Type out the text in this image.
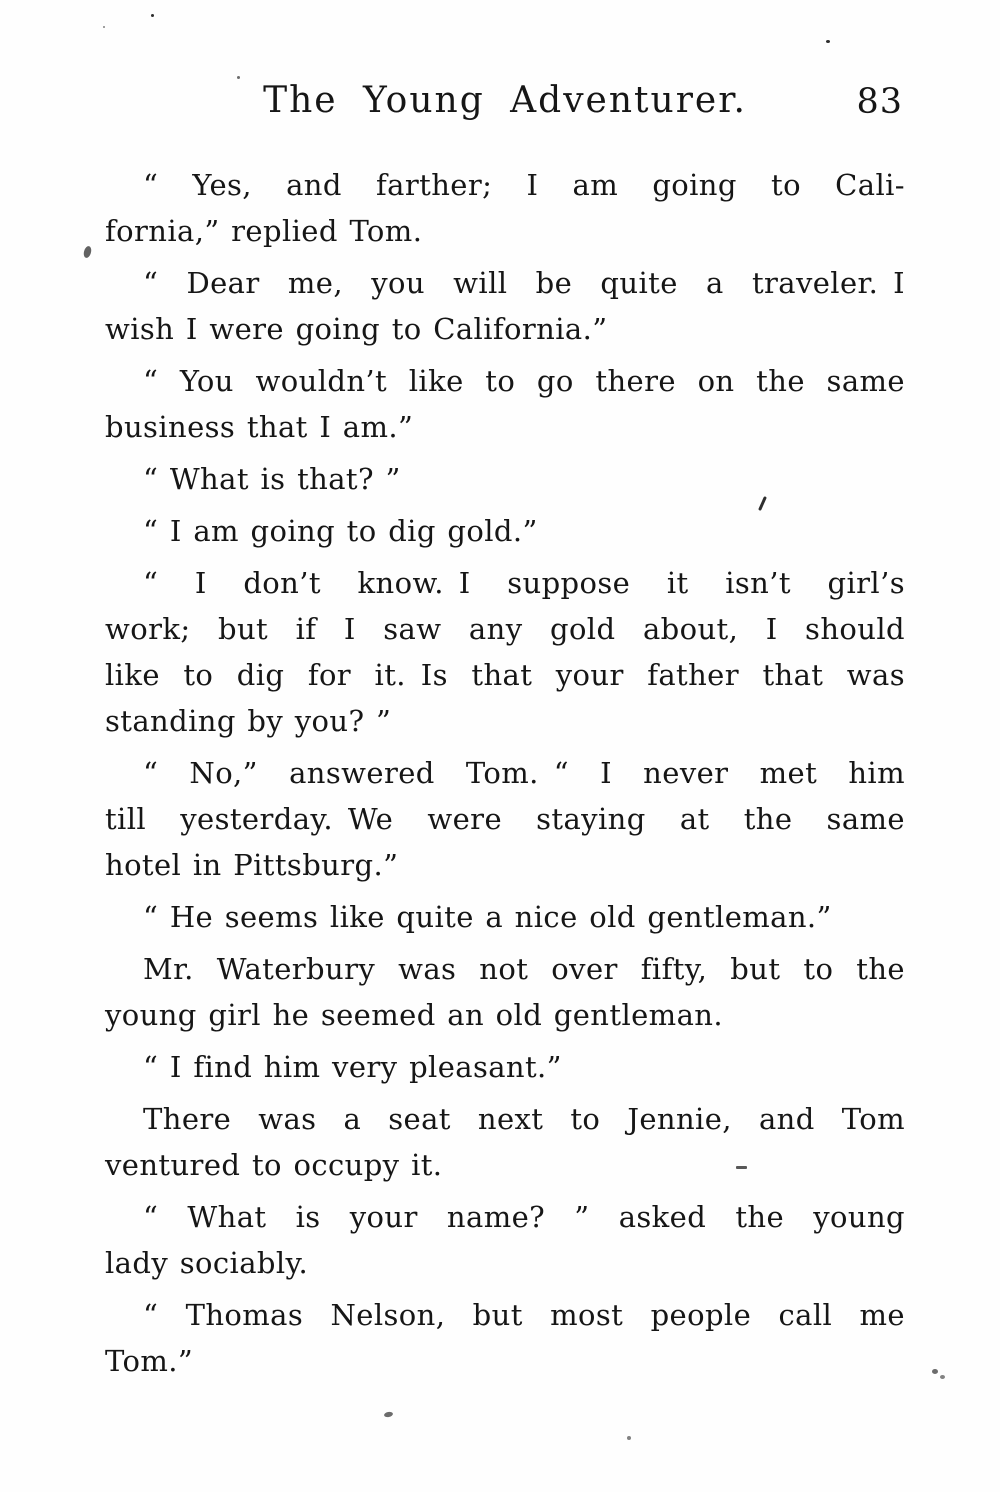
The Young Adventurer.	83
“ Yes, and farther; I am going to Cali-
fornia,” replied Tom.
“ Dear me, you will be quite a traveler. I
wish I were going to California.”
“ You wouldn’t like to go there on the same
business that I am.”
“ What is that? ”
“ I am going to dig gold.”
“ I don’t know. I suppose it isn’t girl’s
work; but if I saw any gold about, I should
like to dig for it. Is that your father that was
standing by you? ”
“ No,” answered Tom. “ I never met him
till yesterday. We were staying at the same
hotel in Pittsburg.”
“ He seems like quite a nice old gentleman.”
Mr. Waterbury was not over fifty, but to the
young girl he seemed an old gentleman.
“ I find him very pleasant.”
There was a seat next to Jennie, and Tom
ventured to occupy it.
“ What is your name? ” asked the young
lady sociably.
“ Thomas Nelson, but most people call me
Tom.”
